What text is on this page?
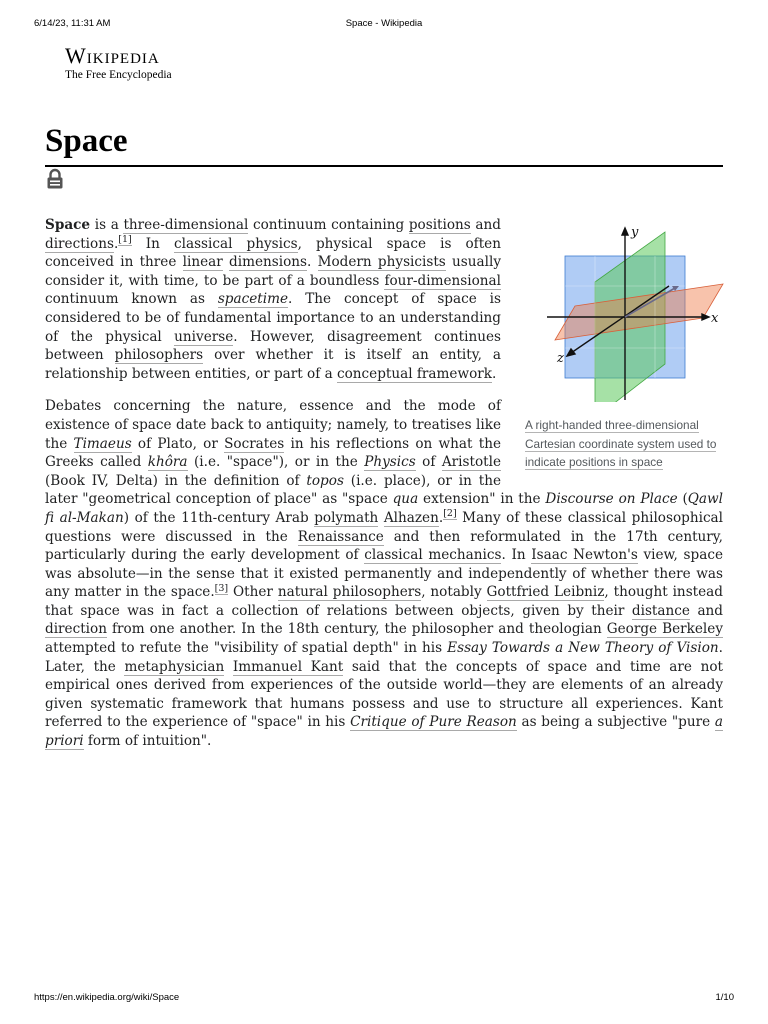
6/14/23, 11:31 AM	Space - Wikipedia
Wikipedia
The Free Encyclopedia
Space
y
x
z
A right-handed three-dimensional Cartesian coordinate system used to indicate positions in space

Space is a three-dimensional continuum containing positions and directions.[1] In classical physics, physical space is often conceived in three linear dimensions. Modern physicists usually consider it, with time, to be part of a boundless four-dimensional continuum known as spacetime. The concept of space is considered to be of fundamental importance to an understanding of the physical universe. However, disagreement continues between philosophers over whether it is itself an entity, a relationship between entities, or part of a conceptual framework.

Debates concerning the nature, essence and the mode of existence of space date back to antiquity; namely, to treatises like the Timaeus of Plato, or Socrates in his reflections on what the Greeks called khôra (i.e. "space"), or in the Physics of Aristotle (Book IV, Delta) in the definition of topos (i.e. place), or in the later "geometrical conception of place" as "space qua extension" in the Discourse on Place (Qawl fi al-Makan) of the 11th-century Arab polymath Alhazen.[2] Many of these classical philosophical questions were discussed in the Renaissance and then reformulated in the 17th century, particularly during the early development of classical mechanics. In Isaac Newton's view, space was absolute—in the sense that it existed permanently and independently of whether there was any matter in the space.[3] Other natural philosophers, notably Gottfried Leibniz, thought instead that space was in fact a collection of relations between objects, given by their distance and direction from one another. In the 18th century, the philosopher and theologian George Berkeley attempted to refute the "visibility of spatial depth" in his Essay Towards a New Theory of Vision. Later, the metaphysician Immanuel Kant said that the concepts of space and time are not empirical ones derived from experiences of the outside world—they are elements of an already given systematic framework that humans possess and use to structure all experiences. Kant referred to the experience of "space" in his Critique of Pure Reason as being a subjective "pure a priori form of intuition".

https://en.wikipedia.org/wiki/Space	1/10
